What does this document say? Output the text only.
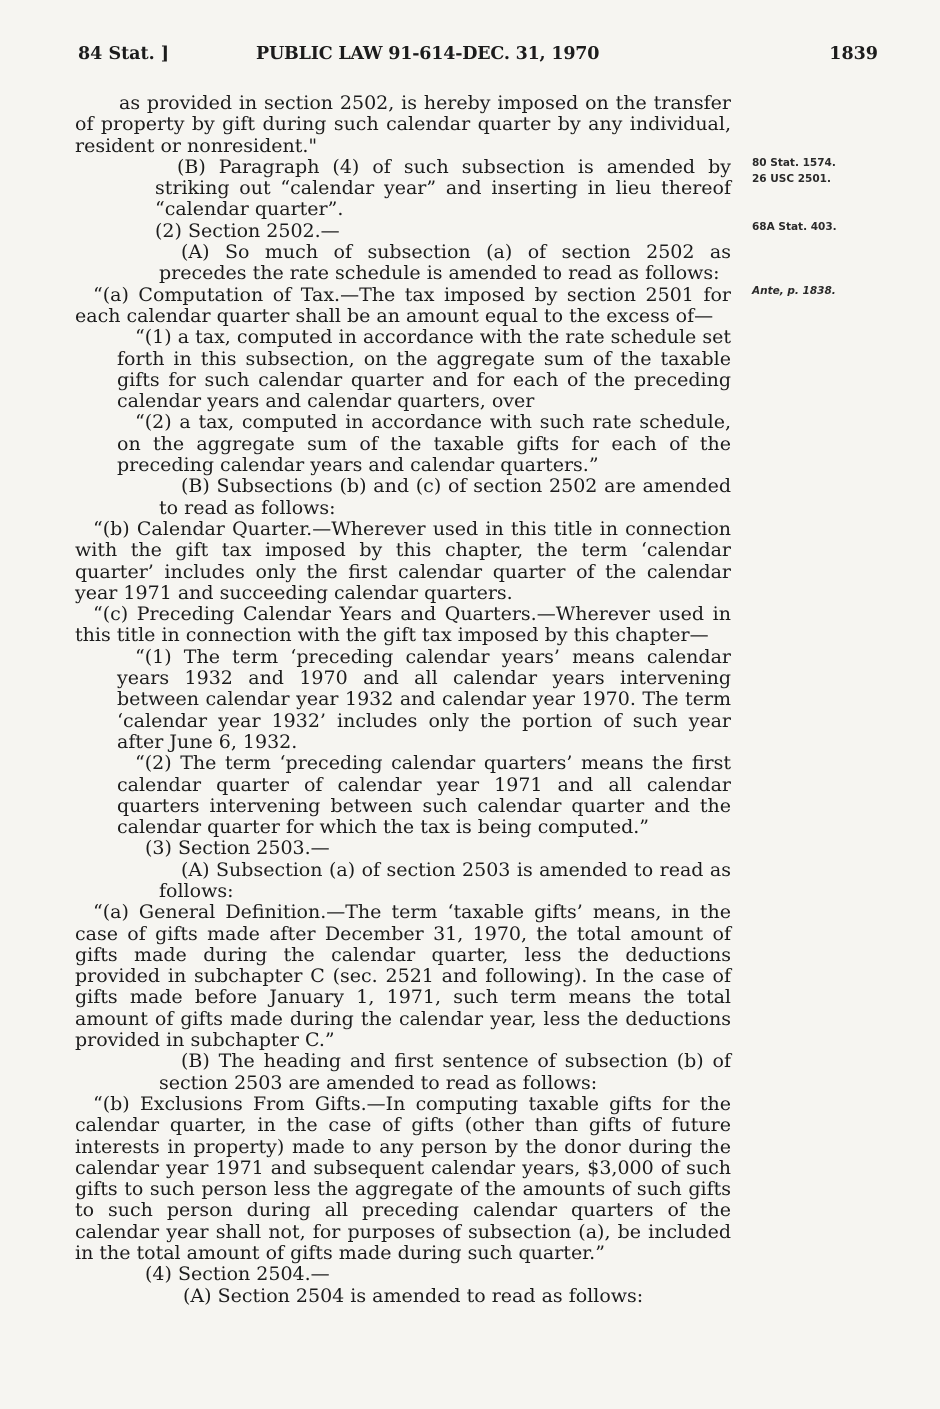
84 Stat. ]	PUBLIC LAW 91-614-DEC. 31, 1970	1839
80 Stat. 1574.
26 USC 2501.
68A Stat. 403.
Ante, p. 1838.

as provided in section 2502, is hereby imposed on the transfer of property by gift during such calendar quarter by any individual, resident or nonresident."

(B) Paragraph (4) of such subsection is amended by striking out “calendar year” and inserting in lieu thereof “calendar quarter”.

(2) Section 2502.—

(A) So much of subsection (a) of section 2502 as precedes the rate schedule is amended to read as follows:

“(a) Computation of Tax.—The tax imposed by section 2501 for each calendar quarter shall be an amount equal to the excess of—

“(1) a tax, computed in accordance with the rate schedule set forth in this subsection, on the aggregate sum of the taxable gifts for such calendar quarter and for each of the preceding calendar years and calendar quarters, over

“(2) a tax, computed in accordance with such rate schedule, on the aggregate sum of the taxable gifts for each of the preceding calendar years and calendar quarters.”

(B) Subsections (b) and (c) of section 2502 are amended to read as follows:

“(b) Calendar Quarter.—Wherever used in this title in connection with the gift tax imposed by this chapter, the term ‘calendar quarter’ includes only the first calendar quarter of the calendar year 1971 and succeeding calendar quarters.

“(c) Preceding Calendar Years and Quarters.—Wherever used in this title in connection with the gift tax imposed by this chapter—

“(1) The term ‘preceding calendar years’ means calendar years 1932 and 1970 and all calendar years intervening between calendar year 1932 and calendar year 1970. The term ‘calendar year 1932’ includes only the portion of such year after June 6, 1932.

“(2) The term ‘preceding calendar quarters’ means the first calendar quarter of calendar year 1971 and all calendar quarters intervening between such calendar quarter and the calendar quarter for which the tax is being computed.”

(3) Section 2503.—

(A) Subsection (a) of section 2503 is amended to read as follows:

“(a) General Definition.—The term ‘taxable gifts’ means, in the case of gifts made after December 31, 1970, the total amount of gifts made during the calendar quarter, less the deductions provided in subchapter C (sec. 2521 and following). In the case of gifts made before January 1, 1971, such term means the total amount of gifts made during the calendar year, less the deductions provided in subchapter C.”

(B) The heading and first sentence of subsection (b) of section 2503 are amended to read as follows:

“(b) Exclusions From Gifts.—In computing taxable gifts for the calendar quarter, in the case of gifts (other than gifts of future interests in property) made to any person by the donor during the calendar year 1971 and subsequent calendar years, $3,000 of such gifts to such person less the aggregate of the amounts of such gifts to such person during all preceding calendar quarters of the calendar year shall not, for purposes of subsection (a), be included in the total amount of gifts made during such quarter.”

(4) Section 2504.—

(A) Section 2504 is amended to read as follows:
